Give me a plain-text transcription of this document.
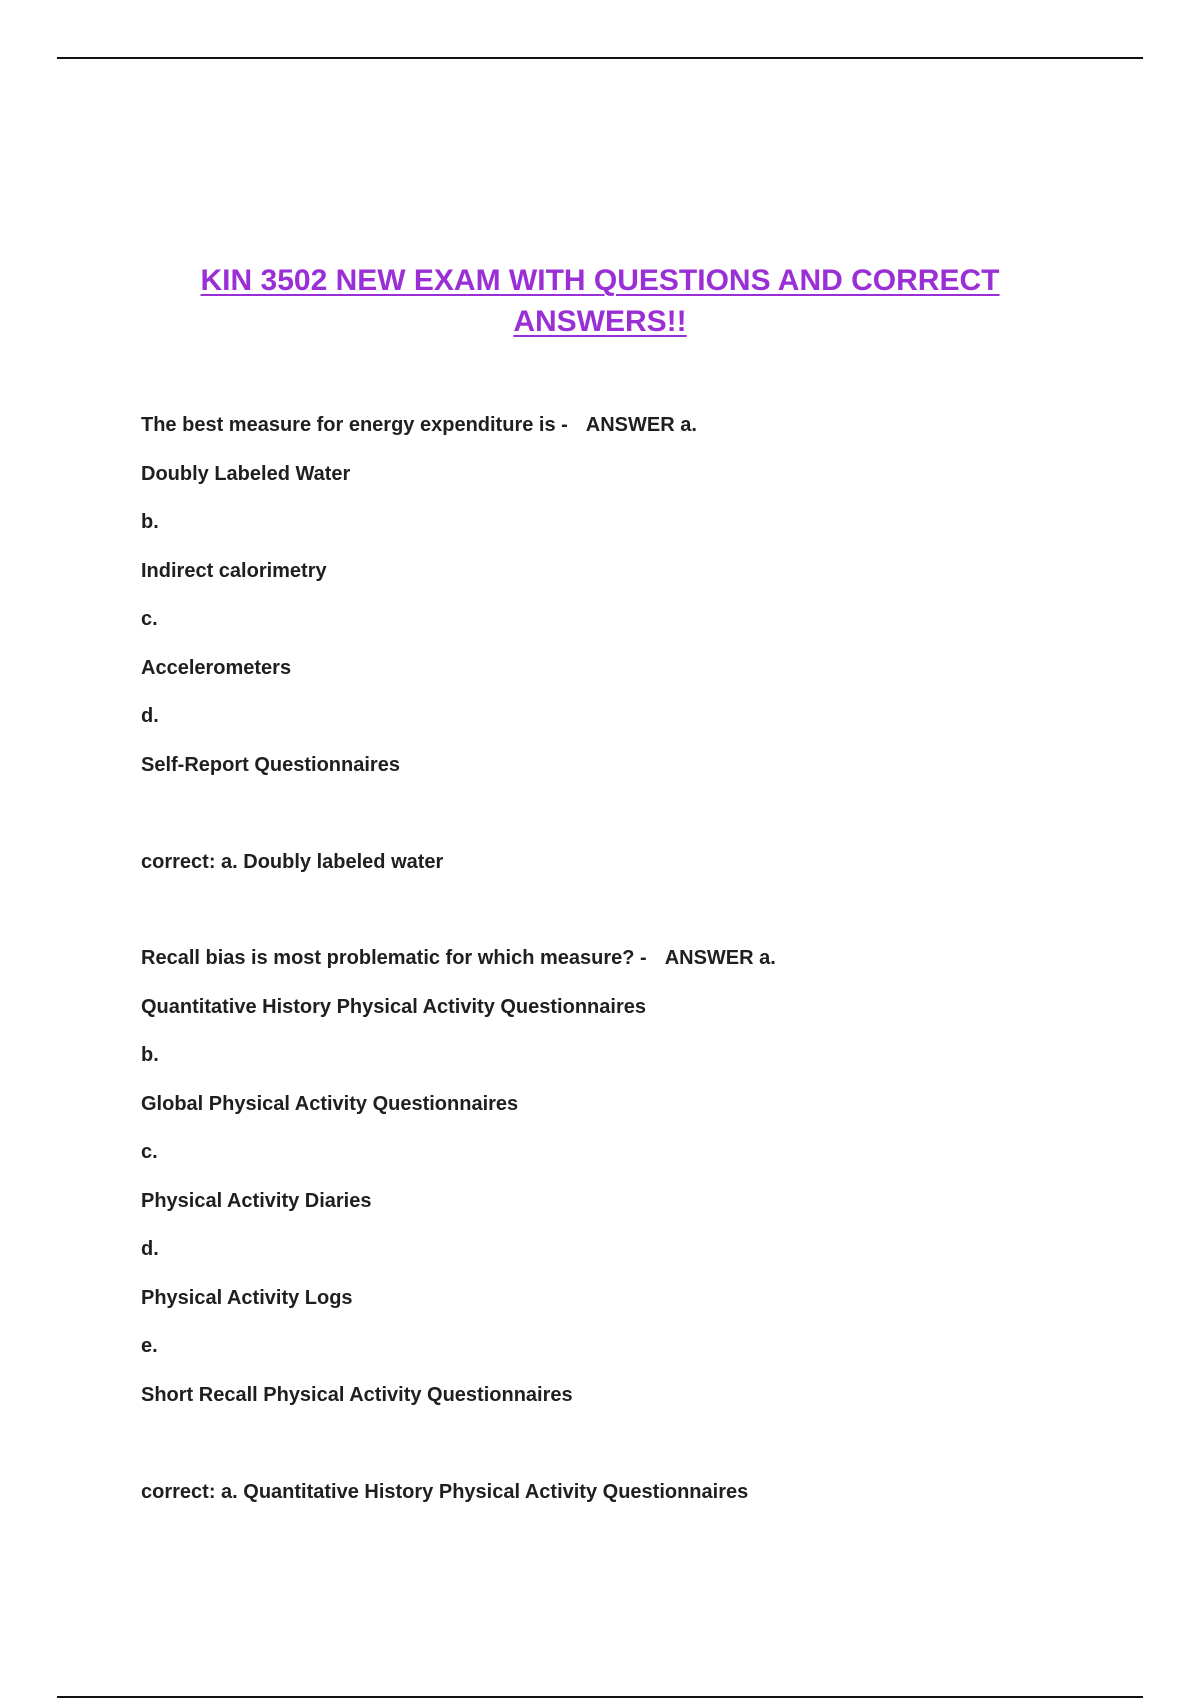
KIN 3502 NEW EXAM WITH QUESTIONS AND CORRECT ANSWERS!!
The best measure for energy expenditure is - ANSWER a.
Doubly Labeled Water
b.
Indirect calorimetry
c.
Accelerometers
d.
Self-Report Questionnaires
correct: a. Doubly labeled water
Recall bias is most problematic for which measure? - ANSWER a.
Quantitative History Physical Activity Questionnaires
b.
Global Physical Activity Questionnaires
c.
Physical Activity Diaries
d.
Physical Activity Logs
e.
Short Recall Physical Activity Questionnaires
correct: a. Quantitative History Physical Activity Questionnaires
